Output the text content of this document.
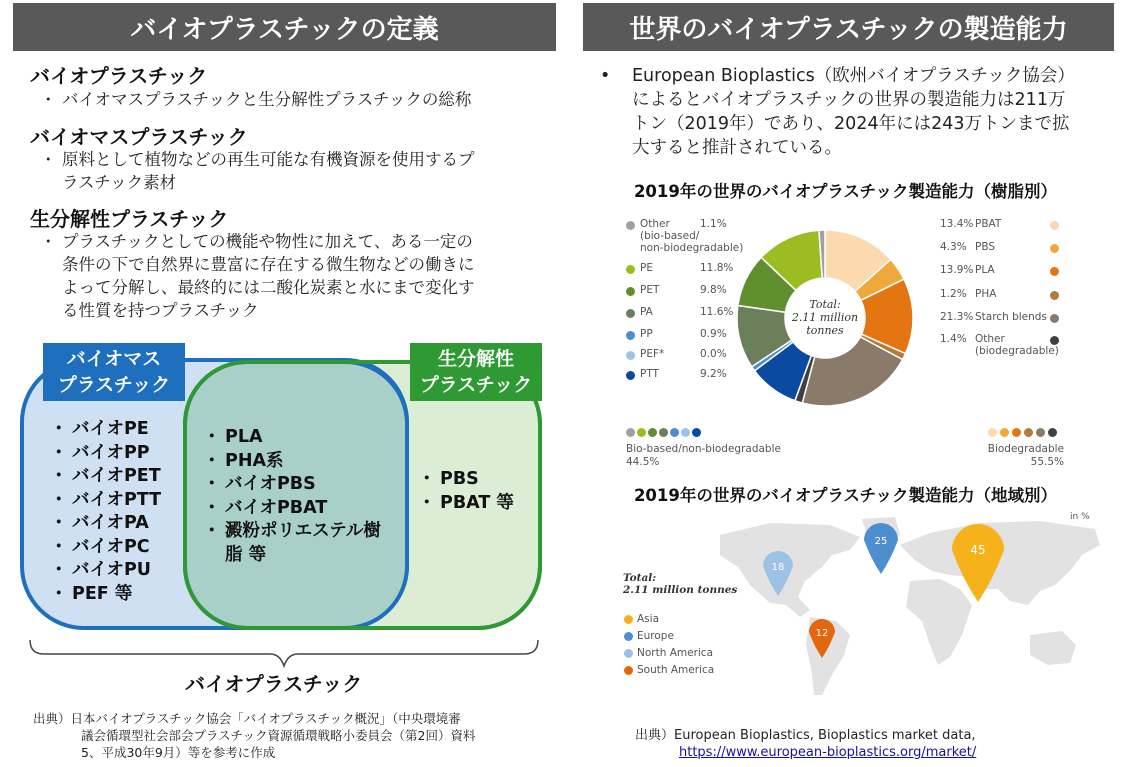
バイオプラスチックの定義
バイオプラスチック
・ バイオマスプラスチックと生分解性プラスチックの総称
バイオマスプラスチック
・ 原料として植物などの再生可能な有機資源を使用するプ
ラスチック素材
生分解性プラスチック
・ プラスチックとしての機能や物性に加えて、ある一定の
条件の下で自然界に豊富に存在する微生物などの働きに
よって分解し、最終的には二酸化炭素と水にまで変化す
る性質を持つプラスチック
バイオマス
プラスチック
生分解性
プラスチック
・ バイオPE
・ バイオPP
・ バイオPET
・ バイオPTT
・ バイオPA
・ バイオPC
・ バイオPU
・ PEF 等
・ PLA
・ PHA系
・ バイオPBS
・ バイオPBAT
・ 澱粉ポリエステル樹
脂 等
・ PBS
・ PBAT 等
バイオプラスチック
出典）日本バイオプラスチック協会「バイオプラスチック概況」（中央環境審
議会循環型社会部会プラスチック資源循環戦略小委員会（第2回）資料
5、平成30年9月）等を参考に作成
世界のバイオプラスチックの製造能力
•	European Bioplastics（欧州バイオプラスチック協会）
によるとバイオプラスチックの世界の製造能力は211万
トン（2019年）であり、2024年には243万トンまで拡
大すると推計されている。
2019年の世界のバイオプラスチック製造能力（樹脂別）
Total:
2.11 million
tonnes
Bio-based/non-biodegradable
44.5%
Biodegradable
55.5%
2019年の世界のバイオプラスチック製造能力（地域別）
in %
Total:
2.11 million tonnes
出典）European Bioplastics, Bioplastics market data,
https://www.european-bioplastics.org/market/
Other
(bio-based/
non-biodegradable)
1.1%
PE	11.8%
PET	9.8%
PA	11.6%
PP	0.9%
PEF*	0.0%
PTT	9.2%
13.4% PBAT
4.3% PBS
13.9% PLA
1.2% PHA
21.3% Starch blends
1.4% Other
(biodegradable)
Asia
Europe
North America
South America
45
25
18
12
